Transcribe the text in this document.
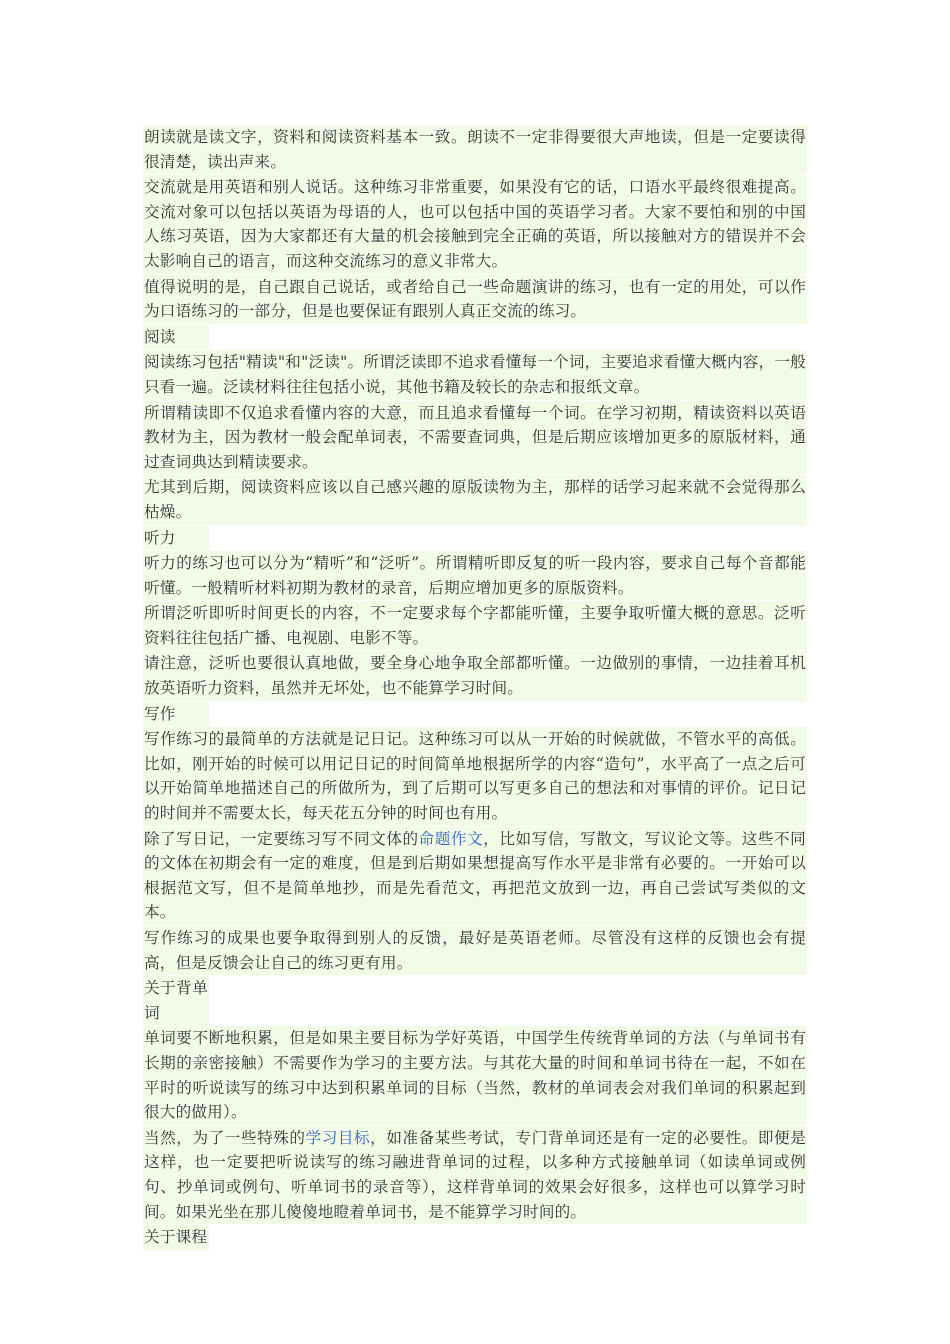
朗读就是读文字，资料和阅读资料基本一致。朗读不一定非得要很大声地读，但是一定要读得很清楚，读出声来。
交流就是用英语和别人说话。这种练习非常重要，如果没有它的话，口语水平最终很难提高。交流对象可以包括以英语为母语的人，也可以包括中国的英语学习者。大家不要怕和别的中国人练习英语，因为大家都还有大量的机会接触到完全正确的英语，所以接触对方的错误并不会太影响自己的语言，而这种交流练习的意义非常大。
值得说明的是，自己跟自己说话，或者给自己一些命题演讲的练习，也有一定的用处，可以作为口语练习的一部分，但是也要保证有跟别人真正交流的练习。
阅读
阅读练习包括"精读"和"泛读"。所谓泛读即不追求看懂每一个词，主要追求看懂大概内容，一般只看一遍。泛读材料往往包括小说，其他书籍及较长的杂志和报纸文章。
所谓精读即不仅追求看懂内容的大意，而且追求看懂每一个词。在学习初期，精读资料以英语教材为主，因为教材一般会配单词表，不需要查词典，但是后期应该增加更多的原版材料，通过查词典达到精读要求。
尤其到后期，阅读资料应该以自己感兴趣的原版读物为主，那样的话学习起来就不会觉得那么枯燥。
听力
听力的练习也可以分为“精听”和“泛听”。所谓精听即反复的听一段内容，要求自己每个音都能听懂。一般精听材料初期为教材的录音，后期应增加更多的原版资料。
所谓泛听即听时间更长的内容，不一定要求每个字都能听懂，主要争取听懂大概的意思。泛听资料往往包括广播、电视剧、电影不等。
请注意，泛听也要很认真地做，要全身心地争取全部都听懂。一边做别的事情，一边挂着耳机放英语听力资料，虽然并无坏处，也不能算学习时间。
写作
写作练习的最简单的方法就是记日记。这种练习可以从一开始的时候就做，不管水平的高低。比如，刚开始的时候可以用记日记的时间简单地根据所学的内容“造句”，水平高了一点之后可以开始简单地描述自己的所做所为，到了后期可以写更多自己的想法和对事情的评价。记日记的时间并不需要太长，每天花五分钟的时间也有用。
除了写日记，一定要练习写不同文体的命题作文，比如写信，写散文，写议论文等。这些不同的文体在初期会有一定的难度，但是到后期如果想提高写作水平是非常有必要的。一开始可以根据范文写，但不是简单地抄，而是先看范文，再把范文放到一边，再自己尝试写类似的文本。
写作练习的成果也要争取得到别人的反馈，最好是英语老师。尽管没有这样的反馈也会有提高，但是反馈会让自己的练习更有用。
关于背单词
单词要不断地积累，但是如果主要目标为学好英语，中国学生传统背单词的方法（与单词书有长期的亲密接触）不需要作为学习的主要方法。与其花大量的时间和单词书待在一起，不如在平时的听说读写的练习中达到积累单词的目标（当然，教材的单词表会对我们单词的积累起到很大的做用）。
当然，为了一些特殊的学习目标，如准备某些考试，专门背单词还是有一定的必要性。即便是这样，也一定要把听说读写的练习融进背单词的过程，以多种方式接触单词（如读单词或例句、抄单词或例句、听单词书的录音等），这样背单词的效果会好很多，这样也可以算学习时间。如果光坐在那儿傻傻地瞪着单词书，是不能算学习时间的。
关于课程
